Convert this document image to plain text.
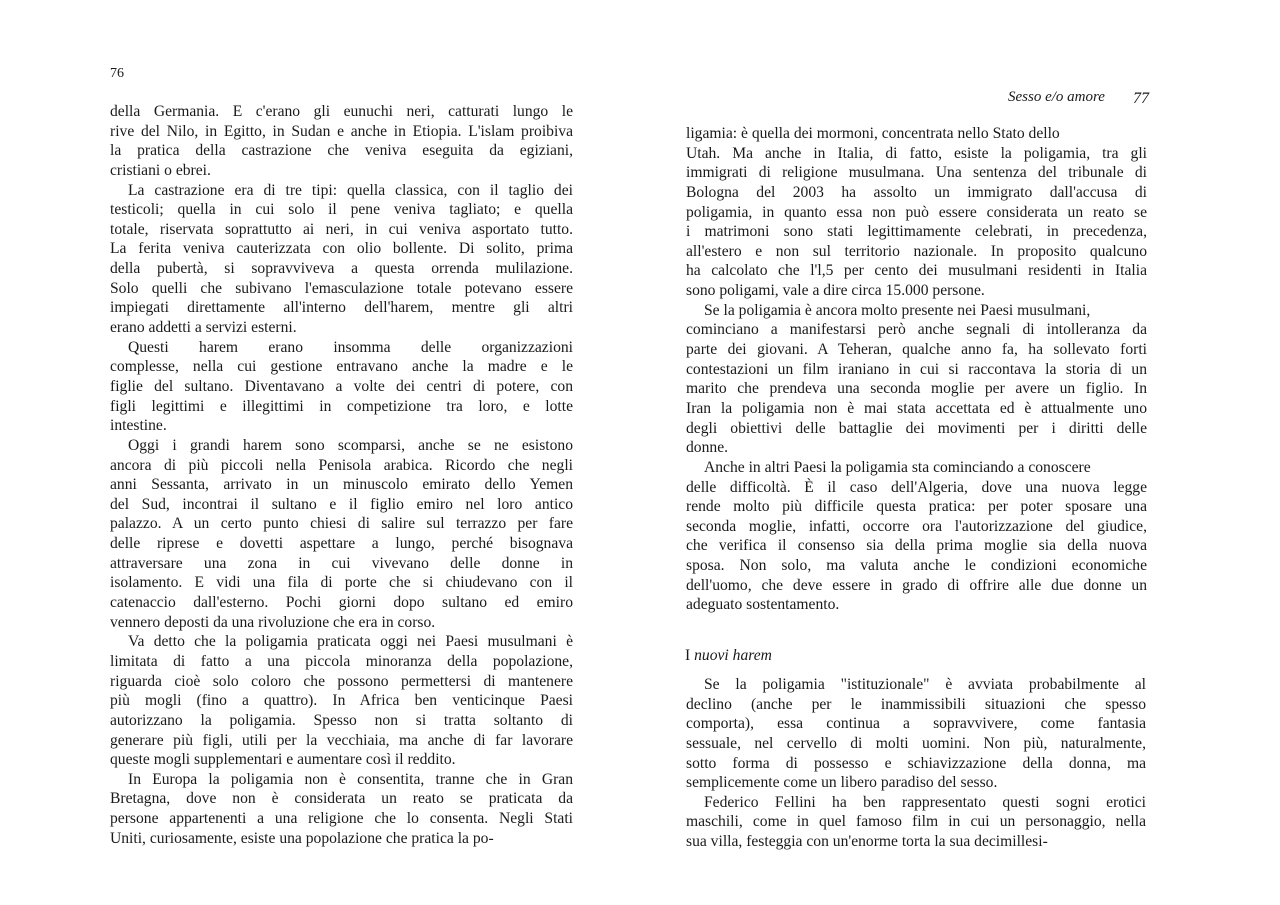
76
Sesso e/o amore 77
della Germania. E c'erano gli eunuchi neri, catturati lungo le
rive del Nilo, in Egitto, in Sudan e anche in Etiopia. L'islam proibiva
la pratica della castrazione che veniva eseguita da egiziani,
cristiani o ebrei.
La castrazione era di tre tipi: quella classica, con il taglio dei
testicoli; quella in cui solo il pene veniva tagliato; e quella
totale, riservata soprattutto ai neri, in cui veniva asportato tutto.
La ferita veniva cauterizzata con olio bollente. Di solito, prima
della pubertà, si sopravviveva a questa orrenda mulilazione.
Solo quelli che subivano l'emasculazione totale potevano essere
impiegati direttamente all'interno dell'harem, mentre gli altri
erano addetti a servizi esterni.
Questi harem erano insomma delle organizzazioni
complesse, nella cui gestione entravano anche la madre e le
figlie del sultano. Diventavano a volte dei centri di potere, con
figli legittimi e illegittimi in competizione tra loro, e lotte
intestine.
Oggi i grandi harem sono scomparsi, anche se ne esistono
ancora di più piccoli nella Penisola arabica. Ricordo che negli
anni Sessanta, arrivato in un minuscolo emirato dello Yemen
del Sud, incontrai il sultano e il figlio emiro nel loro antico
palazzo. A un certo punto chiesi di salire sul terrazzo per fare
delle riprese e dovetti aspettare a lungo, perché bisognava
attraversare una zona in cui vivevano delle donne in
isolamento. E vidi una fila di porte che si chiudevano con il
catenaccio dall'esterno. Pochi giorni dopo sultano ed emiro
vennero deposti da una rivoluzione che era in corso.
Va detto che la poligamia praticata oggi nei Paesi musulmani è
limitata di fatto a una piccola minoranza della popolazione,
riguarda cioè solo coloro che possono permettersi di mantenere
più mogli (fino a quattro). In Africa ben venticinque Paesi
autorizzano la poligamia. Spesso non si tratta soltanto di
generare più figli, utili per la vecchiaia, ma anche di far lavorare
queste mogli supplementari e aumentare così il reddito.
In Europa la poligamia non è consentita, tranne che in Gran
Bretagna, dove non è considerata un reato se praticata da
persone appartenenti a una religione che lo consenta. Negli Stati
Uniti, curiosamente, esiste una popolazione che pratica la po-
ligamia: è quella dei mormoni, concentrata nello Stato dello
Utah. Ma anche in Italia, di fatto, esiste la poligamia, tra gli
immigrati di religione musulmana. Una sentenza del tribunale di
Bologna del 2003 ha assolto un immigrato dall'accusa di
poligamia, in quanto essa non può essere considerata un reato se
i matrimoni sono stati legittimamente celebrati, in precedenza,
all'estero e non sul territorio nazionale. In proposito qualcuno
ha calcolato che l'l,5 per cento dei musulmani residenti in Italia
sono poligami, vale a dire circa 15.000 persone.
Se la poligamia è ancora molto presente nei Paesi musulmani,
cominciano a manifestarsi però anche segnali di intolleranza da
parte dei giovani. A Teheran, qualche anno fa, ha sollevato forti
contestazioni un film iraniano in cui si raccontava la storia di un
marito che prendeva una seconda moglie per avere un figlio. In
Iran la poligamia non è mai stata accettata ed è attualmente uno
degli obiettivi delle battaglie dei movimenti per i diritti delle
donne.
Anche in altri Paesi la poligamia sta cominciando a conoscere
delle difficoltà. È il caso dell'Algeria, dove una nuova legge
rende molto più difficile questa pratica: per poter sposare una
seconda moglie, infatti, occorre ora l'autorizzazione del giudice,
che verifica il consenso sia della prima moglie sia della nuova
sposa. Non solo, ma valuta anche le condizioni economiche
dell'uomo, che deve essere in grado di offrire alle due donne un
adeguato sostentamento.
I nuovi harem
Se la poligamia "istituzionale" è avviata probabilmente al
declino (anche per le inammissibili situazioni che spesso
comporta), essa continua a sopravvivere, come fantasia
sessuale, nel cervello di molti uomini. Non più, naturalmente,
sotto forma di possesso e schiavizzazione della donna, ma
semplicemente come un libero paradiso del sesso.
Federico Fellini ha ben rappresentato questi sogni erotici
maschili, come in quel famoso film in cui un personaggio, nella
sua villa, festeggia con un'enorme torta la sua decimillesi-
